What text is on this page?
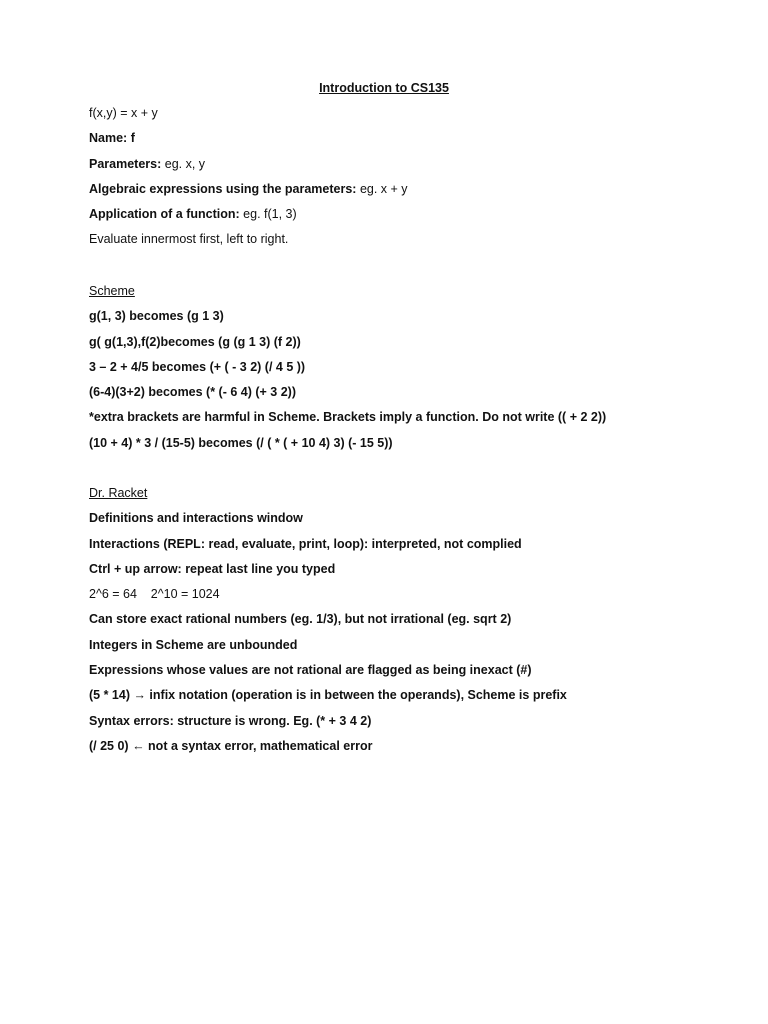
Introduction to CS135
f(x,y) = x + y
Name: f
Parameters: eg. x, y
Algebraic expressions using the parameters: eg. x + y
Application of a function: eg. f(1, 3)
Evaluate innermost first, left to right.
Scheme
g(1, 3) becomes (g 1 3)
g( g(1,3),f(2)becomes (g (g 1 3) (f 2))
3 – 2 + 4/5 becomes (+ ( - 3 2) (/ 4 5 ))
(6-4)(3+2) becomes (* (- 6 4) (+ 3 2))
*extra brackets are harmful in Scheme. Brackets imply a function. Do not write (( + 2 2))
(10 + 4) * 3 / (15-5) becomes (/ ( * ( + 10 4) 3) (- 15 5))
Dr. Racket
Definitions and interactions window
Interactions (REPL: read, evaluate, print, loop): interpreted, not complied
Ctrl + up arrow: repeat last line you typed
2^6 = 64    2^10 = 1024
Can store exact rational numbers (eg. 1/3), but not irrational (eg. sqrt 2)
Integers in Scheme are unbounded
Expressions whose values are not rational are flagged as being inexact (#)
(5 * 14) → infix notation (operation is in between the operands), Scheme is prefix
Syntax errors: structure is wrong. Eg. (* + 3 4 2)
(/ 25 0) ← not a syntax error, mathematical error
